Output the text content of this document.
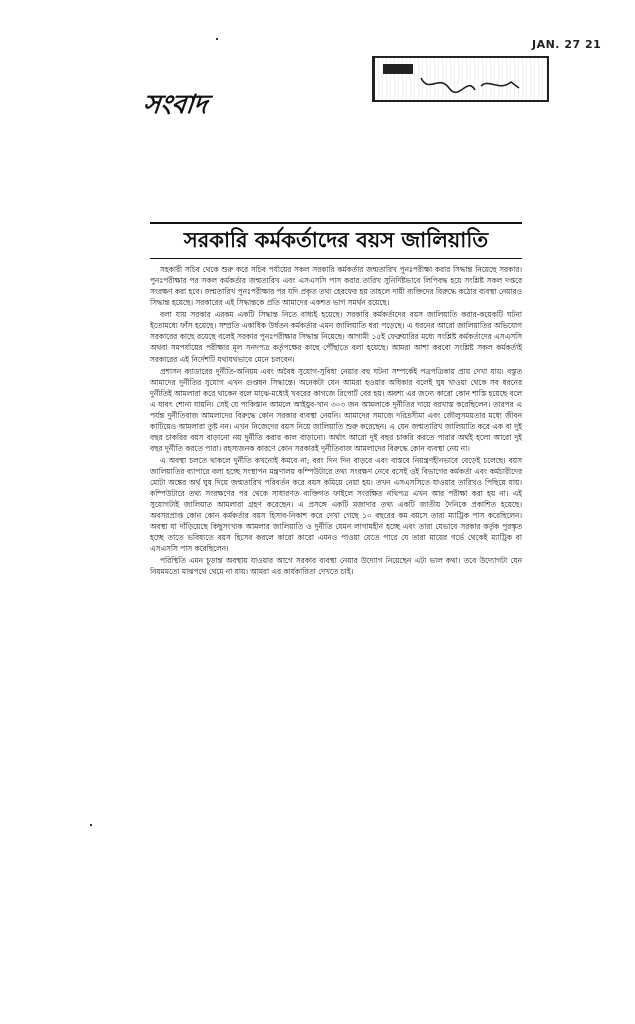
JAN. 27 21
সংবাদ
সরকারি কর্মকর্তাদের বয়স জালিয়াতি

সহকারী সচিব থেকে শুরু করে সচিব পর্যায়ের সকল সরকারি কর্মকর্তার জন্মতারিখ পুনঃপরীক্ষা করার সিদ্ধান্ত নিয়েছে সরকার। পুনঃপরীক্ষার পর সকল কর্মকর্তার জন্মতারিখ এবং এসএসসি পাস করার তারিখ সুনির্দিষ্টভাবে লিপিবদ্ধ হয়ে সংশ্লিষ্ট সকল দপ্তরে সংরক্ষণ করা হবে। জন্মতারিখ পুনঃপরীক্ষার পর যদি প্রকৃত তথ্য হেরফের হয় তাহলে দায়ী ব্যক্তিদের বিরুদ্ধে কঠোর ব্যবস্থা নেয়ারও সিদ্ধান্ত হয়েছে। সরকারের এই সিদ্ধান্তকে প্রতি আমাদের একশত ভাগ সমর্থন রয়েছে।

বলা যায় সরকার এরকম একটি সিদ্ধান্ত নিতে বাধ্যই হয়েছে। সরকারি কর্মকর্তাদের বয়স জালিয়াতি করার-কয়েকটি ঘটনা ইতোমধ্যে ফাঁস হয়েছে। সম্প্রতি একাধিক উর্ধতন কর্মকর্তার এমন জালিয়াতি ধরা পড়েছে। এ ধরনের আরো জালিয়াতির অভিযোগ সরকারের কাছে রয়েছে বলেই সরকার পুনঃপরীক্ষার সিদ্ধান্ত নিয়েছে। আগামী ১৫ই ফেব্রুয়ারির মধ্যে সংশ্লিষ্ট কর্মকর্তাদের এসএসসি অথবা সমপর্যায়ের পরীক্ষার মূল সনদপত্র কর্তৃপক্ষের কাছে পৌঁছাতে বলা হয়েছে। আমরা আশা করবো সংশ্লিষ্ট সকল কর্মকর্তাই সরকারের এই নির্দেশটি যথাযথভাবে মেনে চলবেন।

প্রশাসন ক্যাডারের দুর্নীতি-অনিয়ম এবং অবৈধ সুযোগ-সুবিধা নেয়ার বহু ঘটনা সম্পর্কেই পত্রপত্রিকায় প্রায় দেখা যায়। বস্তুত আমাদের দুর্নীতির সুযোগ এখন গুপ্তধন সিদ্ধান্তে। অনেকটা যেন আমরা হওয়ার অধিকার বলেই ঘুষ খাওয়া থেকে সব ধরনের দুর্নীতিই আমলারা করে থাকেন বলে মাঝে-মধ্যেই খবরের কাগজে রিপোর্ট বের হয়। অবশ্য এর জন্যে কারো কোন শাস্তি হয়েছে বলে এ যাবৎ শোনা যায়নি। সেই যে পাকিস্তান আমলে আইয়ুব-খান ৩০৩ জন আমলাকে দুর্নীতির দায়ে বরখাস্ত করেছিলেন। তারপর এ পর্যন্ত দুর্নীতিবাজ আমলাদের বিরুদ্ধে কোন সরকার ব্যবস্থা নেয়নি। আমাদের সমাজে দরিদ্রসীমা এবং জৌলুসময়তার মধ্যে জীবন কাটিয়েও আমলারা তুষ্ট নন। এখন নিজেদের বয়স নিয়ে জালিয়াতি শুরু করেছেন। এ যেন জন্মতারিখ জালিয়াতি করে এক বা দুই বছর চাকরির বয়স বাড়ানো নয় দুর্নীতি করার কাল বাড়ানো। অর্থাৎ আরো দুই বছর চাকরি করতে পারার অর্থই হলো আরো দুই বছর দুর্নীতি করতে পারা। রহস্যজনক কারণে কোন সরকারই দুর্নীতিবাজ আমলাদের বিরুদ্ধে কোন ব্যবস্থা নেয় না।

এ অবস্থা চলতে থাকলে দুর্নীতি কখনোই কমবে না; বরং দিন দিন বাড়বে এবং বাস্তবে নিয়ন্ত্রণহীনভাবে বেড়েই চলেছে। বয়স জালিয়াতির ব্যাপারে বলা হচ্ছে সংস্থাপন মন্ত্রণালয় কম্পিউটারে তথ্য সংরক্ষণ নেবে বসেই ওই বিভাগের কর্মকর্তা এবং কর্মচারীদের মোটা অঙ্কের অর্থ ঘুষ দিয়ে জন্মতারিখ পরিবর্তন করে বয়স কমিয়ে নেয়া হয়। তখন এসএসসিতে যাওয়ার তারিখও পিছিয়ে যায়। কম্পিউটারে তথ্য সংরক্ষণের পর থেকে সাধারণত ব্যক্তিগত ফাইলে সংরক্ষিত নথিপত্র এখন আর পরীক্ষা করা হয় না। এই সুযোগটাই জালিয়াত আমলারা গ্রহণ করেছেন। এ প্রসঙ্গে একটি মজাদার তথ্য একটি জাতীয় দৈনিকে প্রকাশিত হয়েছে। অবসরপ্রাপ্ত কোন কোন কর্মকর্তার বয়স হিসাব-নিকাশ করে দেখা গেছে ১০ বছরের কম বয়সে তারা ম্যাট্রিক পাস করেছিলেন। অবস্থা যা দাঁড়িয়েছে কিছুসংখ্যক আমলার জালিয়াতি ও দুর্নীতি যেমন লাগামহীন হচ্ছে এবং তারা যেভাবে সরকার কর্তৃক পুরস্কৃত হচ্ছে তাতে ভবিষ্যতে বয়স হিসেব করলে কারো কারো এমনও পাওয়া যেতে পারে যে তারা মায়ের গর্ভে থেকেই ম্যাট্রিক বা এসএসসি পাস করেছিলেন।

পরিস্থিতি এমন চূড়ান্ত অবস্থায় যাওয়ার আগে সরকার ব্যবস্থা নেয়ার উদ্যোগ নিয়েছেন এটা ভাল কথা। তবে উদ্যোগটা যেন নিয়মমতো মাঝপথে থেমে না যায়। আমরা এর কার্যকারিতা দেখতে চাই।
